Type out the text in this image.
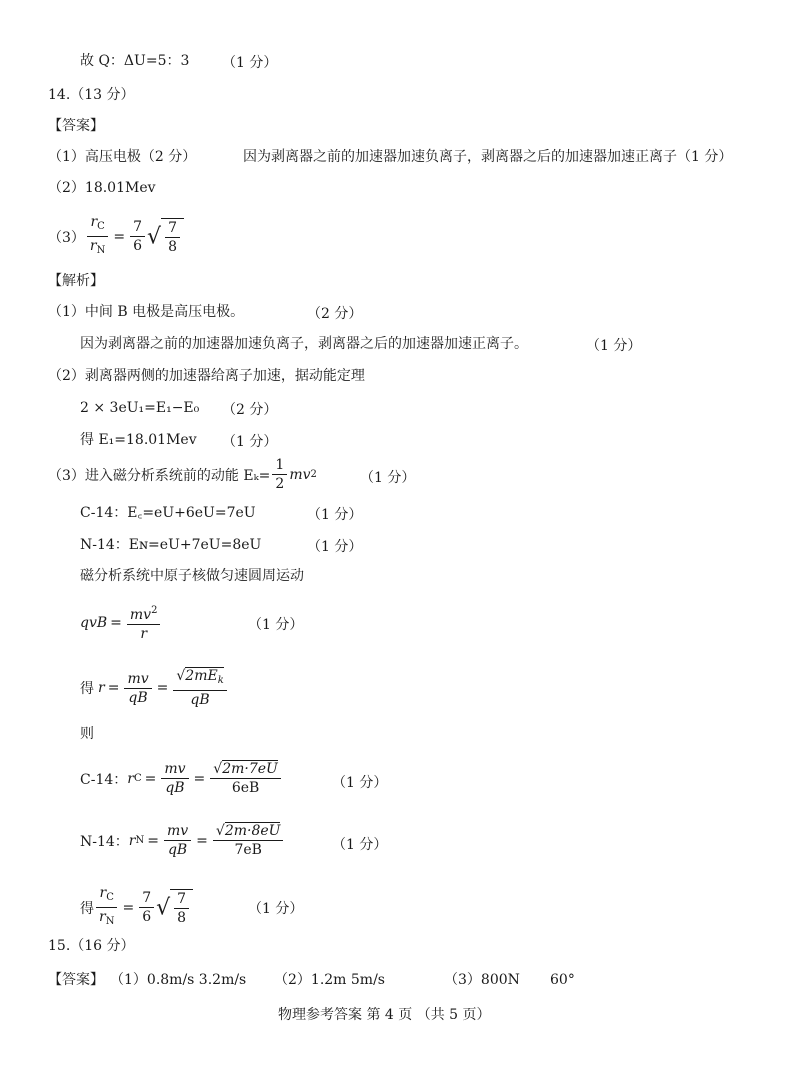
故 Q：ΔU=5：3 （1 分）
14.（13 分）
【答案】
（1）高压电极（2 分）	因为剥离器之前的加速器加速负离子，剥离器之后的加速器加速正离子（1 分）
（2）18.01Mev
$(3) \frac{r_C}{r_N} = \frac{7}{6}$ √ $\frac{7}{8}$
【解析】
（1）中间 B 电极是高压电极。	（2 分）
因为剥离器之前的加速器加速负离子，剥离器之后的加速器加速正离子。	（1 分）
（2）剥离器两侧的加速器给离子加速，据动能定理
2 × 3eU₁=E₁−E₀ （2 分）
得 E₁=18.01Mev （1 分）
（3）进入磁分析系统前的动能 $E_k= \frac{1}{2}$ mv 2	（1 分）
C-14：E꜀=eU+6eU=7eU	（1 分）
N-14：Eɴ=eU+7eU=8eU	（1 分）
磁分析系统中原子核做匀速圆周运动
qvB = $\frac{mv^2}{r}$	（1 分）
得 $r = \frac{mv}{qB} = \frac{√2mE_k}{qB}$
则
C-14： r $C = \frac{mv}{qB} = \frac{√2m\cdot 7eU}{6eB}$	（1 分）
N-14： r $N = \frac{mv}{qB} = \frac{√2m\cdot 8eU}{7eB}$	（1 分）
得 $\frac{r_C}{r_N} = \frac{7}{6}$ √ $\frac{7}{8}$	（1 分）
15.（16 分）
【答案】 （1）0.8m/s 3.2m/s （2）1.2m 5m/s	（3）800N 60°
物理参考答案 第 4 页 （共 5 页）
